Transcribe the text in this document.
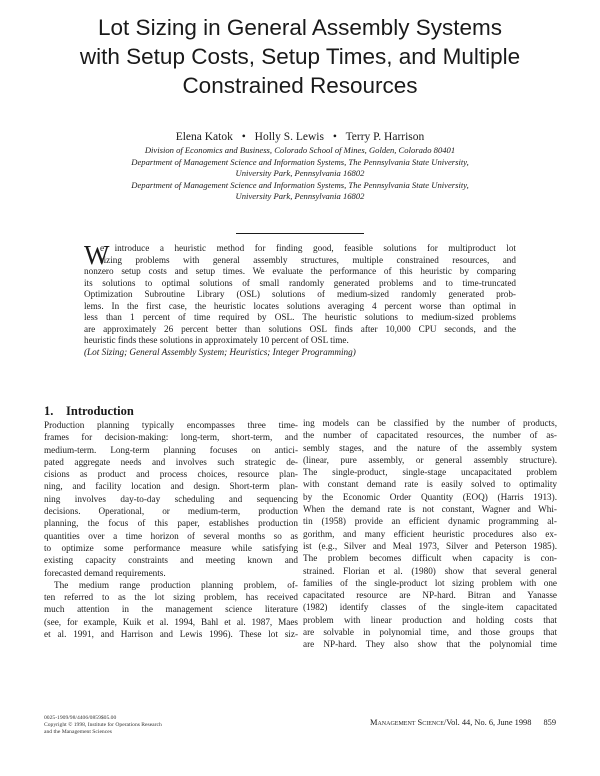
Lot Sizing in General Assembly Systems
with Setup Costs, Setup Times, and Multiple
Constrained Resources
Elena Katok • Holly S. Lewis • Terry P. Harrison
Division of Economics and Business, Colorado School of Mines, Golden, Colorado 80401
Department of Management Science and Information Systems, The Pennsylvania State University,
University Park, Pennsylvania 16802
Department of Management Science and Information Systems, The Pennsylvania State University,
University Park, Pennsylvania 16802
W
e introduce a heuristic method for finding good, feasible solutions for multiproduct lot
sizing problems with general assembly structures, multiple constrained resources, and
nonzero setup costs and setup times. We evaluate the performance of this heuristic by comparing
its solutions to optimal solutions of small randomly generated problems and to time-truncated
Optimization Subroutine Library (OSL) solutions of medium-sized randomly generated prob-
lems. In the first case, the heuristic locates solutions averaging 4 percent worse than optimal in
less than 1 percent of time required by OSL. The heuristic solutions to medium-sized problems
are approximately 26 percent better than solutions OSL finds after 10,000 CPU seconds, and the
heuristic finds these solutions in approximately 10 percent of OSL time.
(Lot Sizing; General Assembly System; Heuristics; Integer Programming)
1. Introduction
Production planning typically encompasses three time-
frames for decision-making: long-term, short-term, and
medium-term. Long-term planning focuses on antici-
pated aggregate needs and involves such strategic de-
cisions as product and process choices, resource plan-
ning, and facility location and design. Short-term plan-
ning involves day-to-day scheduling and sequencing
decisions. Operational, or medium-term, production
planning, the focus of this paper, establishes production
quantities over a time horizon of several months so as
to optimize some performance measure while satisfying
existing capacity constraints and meeting known and
forecasted demand requirements.
The medium range production planning problem, of-
ten referred to as the lot sizing problem, has received
much attention in the management science literature
(see, for example, Kuik et al. 1994, Bahl et al. 1987, Maes
et al. 1991, and Harrison and Lewis 1996). These lot siz-
ing models can be classified by the number of products,
the number of capacitated resources, the number of as-
sembly stages, and the nature of the assembly system
(linear, pure assembly, or general assembly structure).
The single-product, single-stage uncapacitated problem
with constant demand rate is easily solved to optimality
by the Economic Order Quantity (EOQ) (Harris 1913).
When the demand rate is not constant, Wagner and Whi-
tin (1958) provide an efficient dynamic programming al-
gorithm, and many efficient heuristic procedures also ex-
ist (e.g., Silver and Meal 1973, Silver and Peterson 1985).
The problem becomes difficult when capacity is con-
strained. Florian et al. (1980) show that several general
families of the single-product lot sizing problem with one
capacitated resource are NP-hard. Bitran and Yanasse
(1982) identify classes of the single-item capacitated
problem with linear production and holding costs that
are solvable in polynomial time, and those groups that
are NP-hard. They also show that the polynomial time
0025-1909/98/4406/0859$05.00
Copyright © 1998, Institute for Operations Research
and the Management Sciences
Management Science/Vol. 44, No. 6, June 1998 859
